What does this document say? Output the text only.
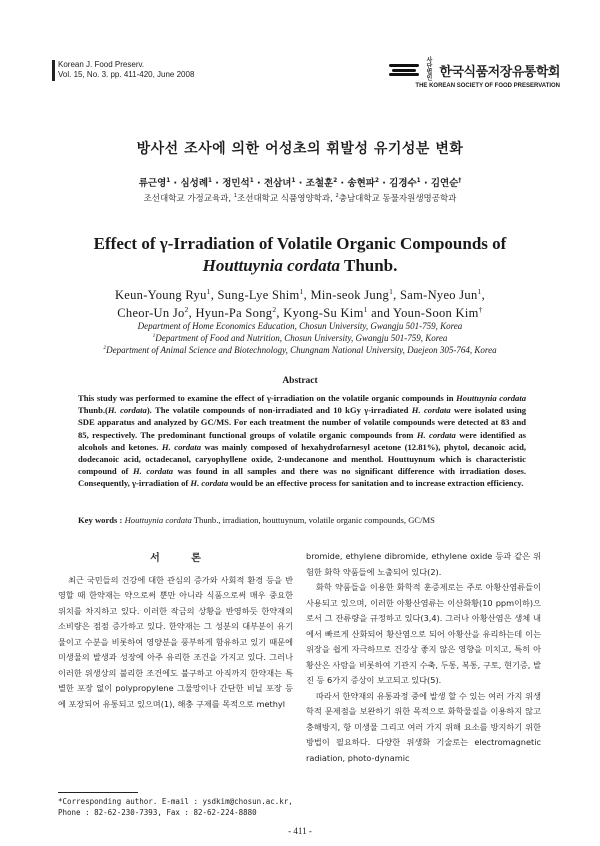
Korean J. Food Preserv.
Vol. 15, No. 3. pp. 411-420, June 2008
사단법인 한국식품저장유통학회
THE KOREAN SOCIETY OF FOOD PRESERVATION
방사선 조사에 의한 어성초의 휘발성 유기성분 변화
류근영$^1$ · 심성례$^1$ · 정민석$^1$ · 전삼녀$^1$ · 조철훈$^2$ · 송현파$^2$ · 김경수$^1$ · 김연순†
조선대학교 가정교육과, $^1$조선대학교 식품영양학과, $^2$충남대학교 동물자원생명공학과
Effect of γ-Irradiation of Volatile Organic Compounds of
Houttuynia cordata Thunb.
Keun-Young Ryu$^1$, Sung-Lye Shim$^1$, Min-seok Jung$^1$, Sam-Nyeo Jun$^1$,
Cheor-Un Jo$^2$, Hyun-Pa Song$^2$, Kyong-Su Kim$^1$ and Youn-Soon Kim†
Department of Home Economics Education, Chosun University, Gwangju 501-759, Korea
$^1$Department of Food and Nutrition, Chosun University, Gwangju 501-759, Korea
$^2$Department of Animal Science and Biotechnology, Chungnam National University, Daejeon 305-764, Korea
Abstract
This study was performed to examine the effect of γ-irradiation on the volatile organic compounds in Houttuynia cordata Thunb.(H. cordata). The volatile compounds of non-irradiated and 10 kGy γ-irradiated H. cordata were isolated using SDE apparatus and analyzed by GC/MS. For each treatment the number of volatile compounds were detected at 83 and 85, respectively. The predominant functional groups of volatile organic compounds from H. cordata were identified as alcohols and ketones. H. cordata was mainly composed of hexahydrofarnesyl acetone (12.81%), phytol, decanoic acid, dodecanoic acid, octadecanol, caryophyllene oxide, 2-undecanone and menthol. Houttuynum which is characteristic compound of H. cordata was found in all samples and there was no significant difference with irradiation doses. Consequently, γ-irradiation of H. cordata would be an effective process for sanitation and to increase extraction efficiency.
Key words : Houttuynia cordata Thunb., irradiation, houttuynum, volatile organic compounds, GC/MS
서 론

최근 국민들의 건강에 대한 관심의 증가와 사회적 환경 등을 반영할 때 한약재는 약으로써 뿐만 아니라 식품으로써 매우 중요한 위치를 차지하고 있다. 이러한 작금의 상황을 반영하듯 한약재의 소비량은 점점 증가하고 있다. 한약재는 그 성분의 대부분이 유기물이고 수분을 비롯하여 영양분을 풍부하게 함유하고 있기 때문에 미생물의 발생과 성장에 아주 유리한 조건을 가지고 있다. 그러나 이러한 위생상의 불리한 조건에도 불구하고 아직까지 한약재는 특별한 포장 없이 polypropylene 그물망이나 간단한 비닐 포장 등에 포장되어 유통되고 있으며(1), 해충 구제를 목적으로 methyl

bromide, ethylene dibromide, ethylene oxide 등과 같은 위험한 화학 약품들에 노출되어 있다(2).

화학 약품들을 이용한 화학적 훈증제로는 주로 아황산염류들이 사용되고 있으며, 이러한 아황산염류는 이산화황(10 ppm이하)으로서 그 잔류량을 규정하고 있다(3,4). 그러나 아황산염은 생체 내에서 빠르게 산화되어 황산염으로 되어 아황산을 유리하는데 이는 위장을 쉽게 자극하므로 건강상 좋지 않은 영향을 미치고, 특히 아황산은 사람을 비롯하여 기관지 수축, 두통, 복통, 구토, 현기증, 발진 등 6가지 증상이 보고되고 있다(5).

따라서 한약재의 유통과정 중에 발생 할 수 있는 여러 가지 위생학적 문제점을 보완하기 위한 목적으로 화학물질을 이용하지 않고 충해방지, 항 미생물 그리고 여러 가지 위해 요소를 방지하기 위한 방법이 필요하다. 다양한 위생화 기술로는 electromagnetic radiation, photo-dynamic

*Corresponding author. E-mail : ysdkim@chosun.ac.kr,
Phone : 82-62-230-7393, Fax : 82-62-224-8880
- 411 -
